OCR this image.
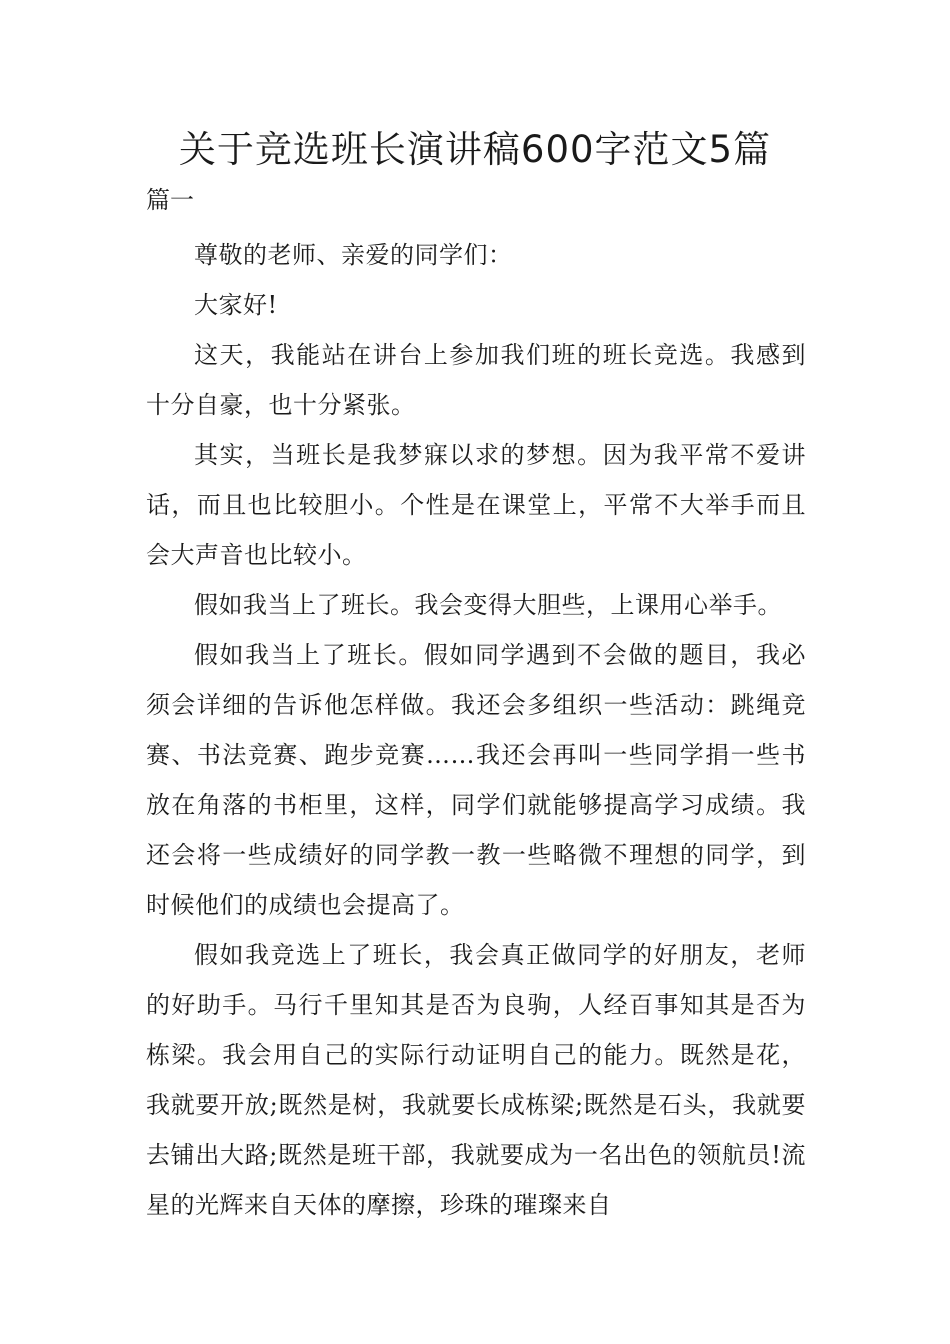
关于竞选班长演讲稿600字范文5篇
篇一

尊敬的老师、亲爱的同学们：

大家好!

这天，我能站在讲台上参加我们班的班长竞选。我感到十分自豪，也十分紧张。

其实，当班长是我梦寐以求的梦想。因为我平常不爱讲话，而且也比较胆小。个性是在课堂上，平常不大举手而且会大声音也比较小。

假如我当上了班长。我会变得大胆些，上课用心举手。

假如我当上了班长。假如同学遇到不会做的题目，我必须会详细的告诉他怎样做。我还会多组织一些活动：跳绳竞赛、书法竞赛、跑步竞赛……我还会再叫一些同学捐一些书放在角落的书柜里，这样，同学们就能够提高学习成绩。我还会将一些成绩好的同学教一教一些略微不理想的同学，到时候他们的成绩也会提高了。

假如我竞选上了班长，我会真正做同学的好朋友，老师的好助手。马行千里知其是否为良驹，人经百事知其是否为栋梁。我会用自己的实际行动证明自己的能力。既然是花，我就要开放;既然是树，我就要长成栋梁;既然是石头，我就要去铺出大路;既然是班干部，我就要成为一名出色的领航员!流星的光辉来自天体的摩擦，珍珠的璀璨来自
